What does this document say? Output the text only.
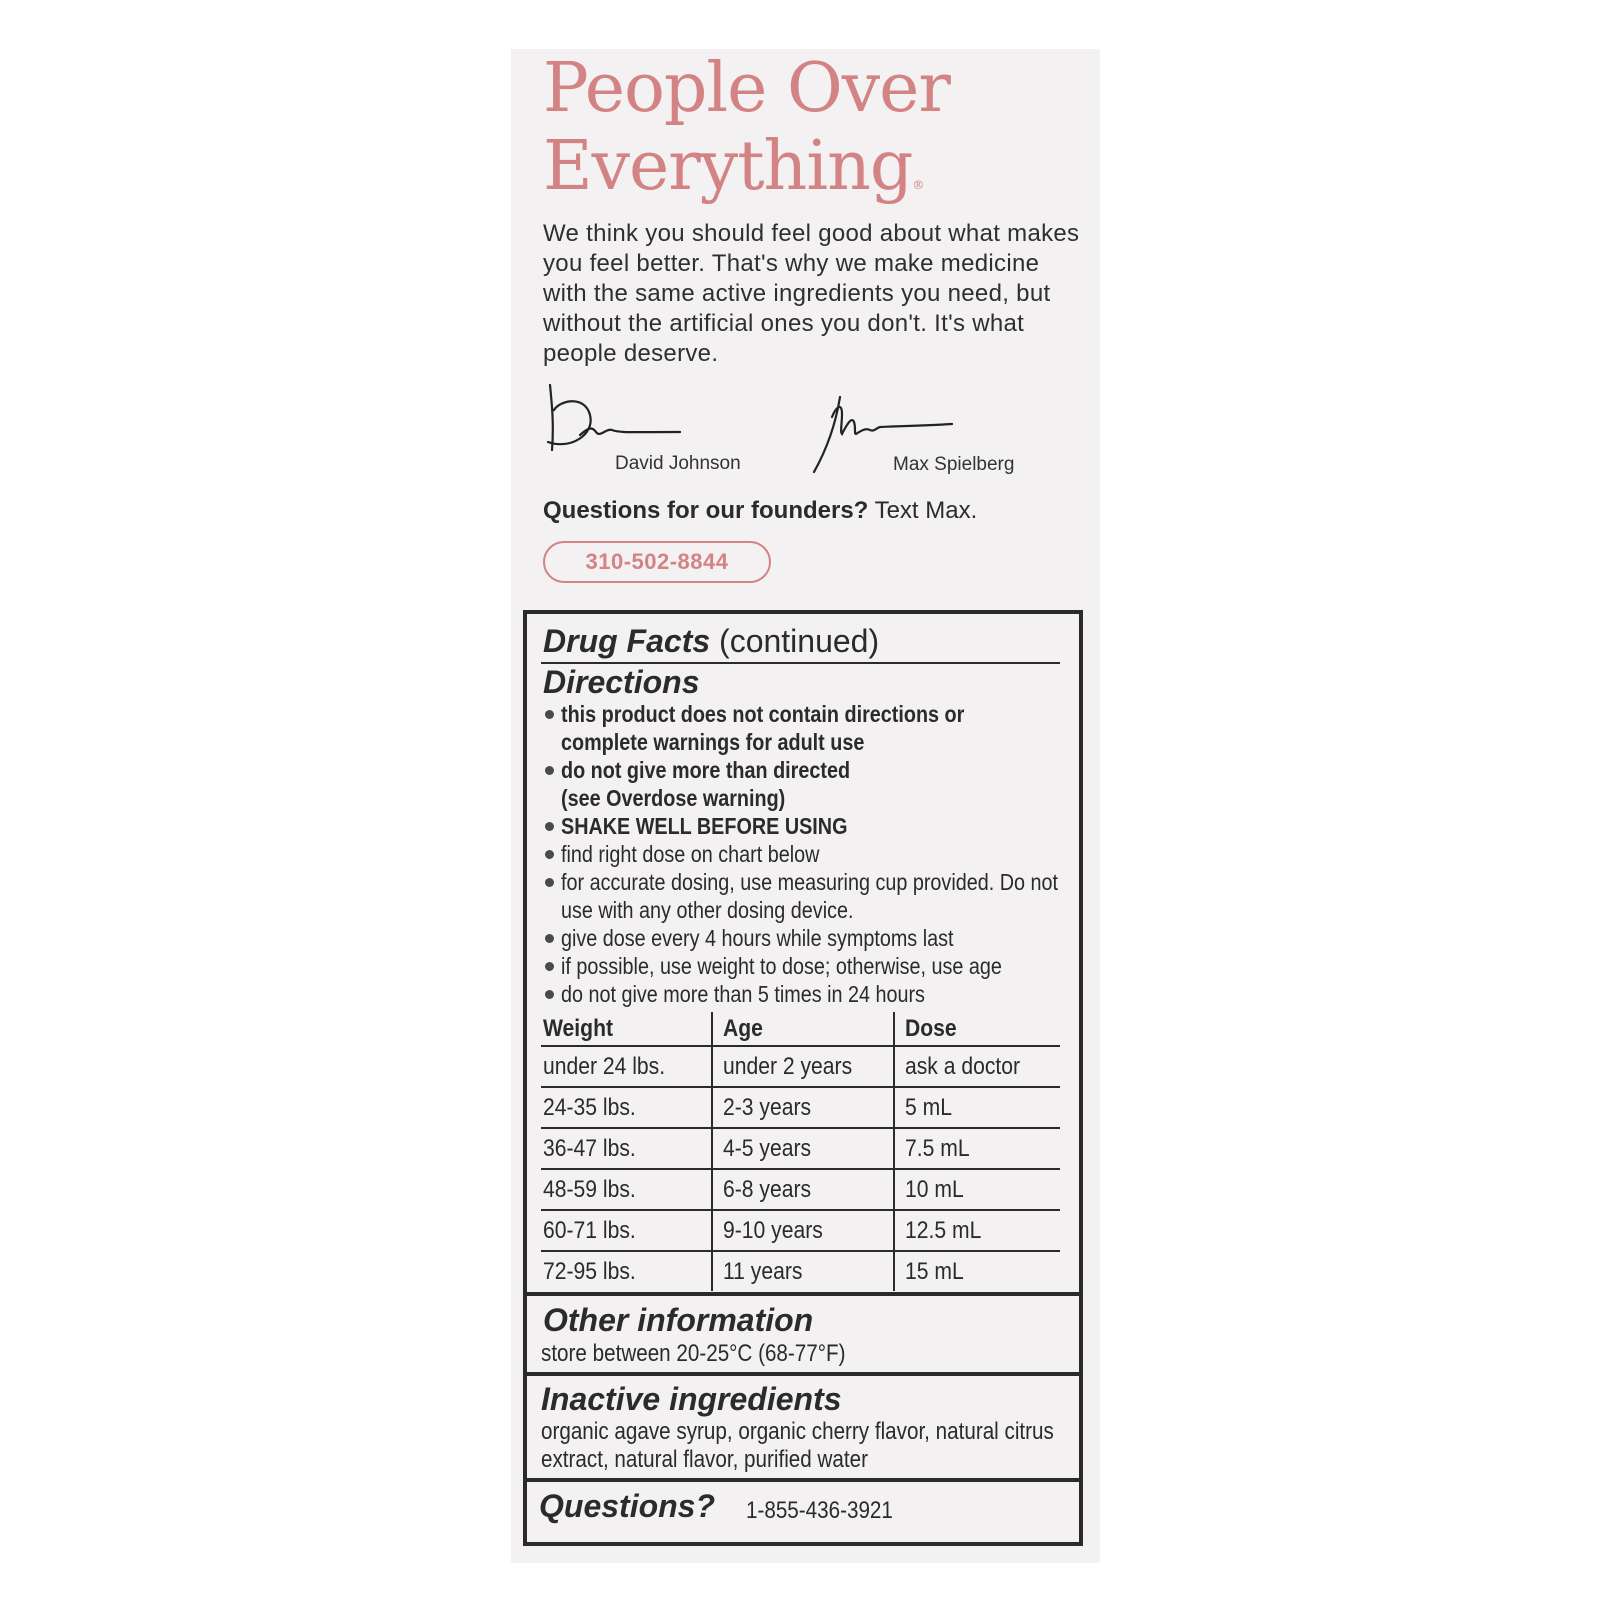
People Over
Everything®

We think you should feel good about what makes you feel better. That's why we make medicine with the same active ingredients you need, but without the artificial ones you don't. It's what people deserve.

David Johnson	Max Spielberg
Questions for our founders? Text Max.
310-502-8844
Drug Facts (continued)
Directions
this product does not contain directions or complete warnings for adult use
do not give more than directed (see Overdose warning)
SHAKE WELL BEFORE USING
find right dose on chart below
for accurate dosing, use measuring cup provided. Do not use with any other dosing device.
give dose every 4 hours while symptoms last
if possible, use weight to dose; otherwise, use age
do not give more than 5 times in 24 hours
Weight	Age	Dose
under 24 lbs.	under 2 years	ask a doctor
24-35 lbs.	2-3 years	5 mL
36-47 lbs.	4-5 years	7.5 mL
48-59 lbs.	6-8 years	10 mL
60-71 lbs.	9-10 years	12.5 mL
72-95 lbs.	11 years	15 mL
Other information
store between 20-25°C (68-77°F)
Inactive ingredients
organic agave syrup, organic cherry flavor, natural citrus extract, natural flavor, purified water
Questions? 1-855-436-3921
